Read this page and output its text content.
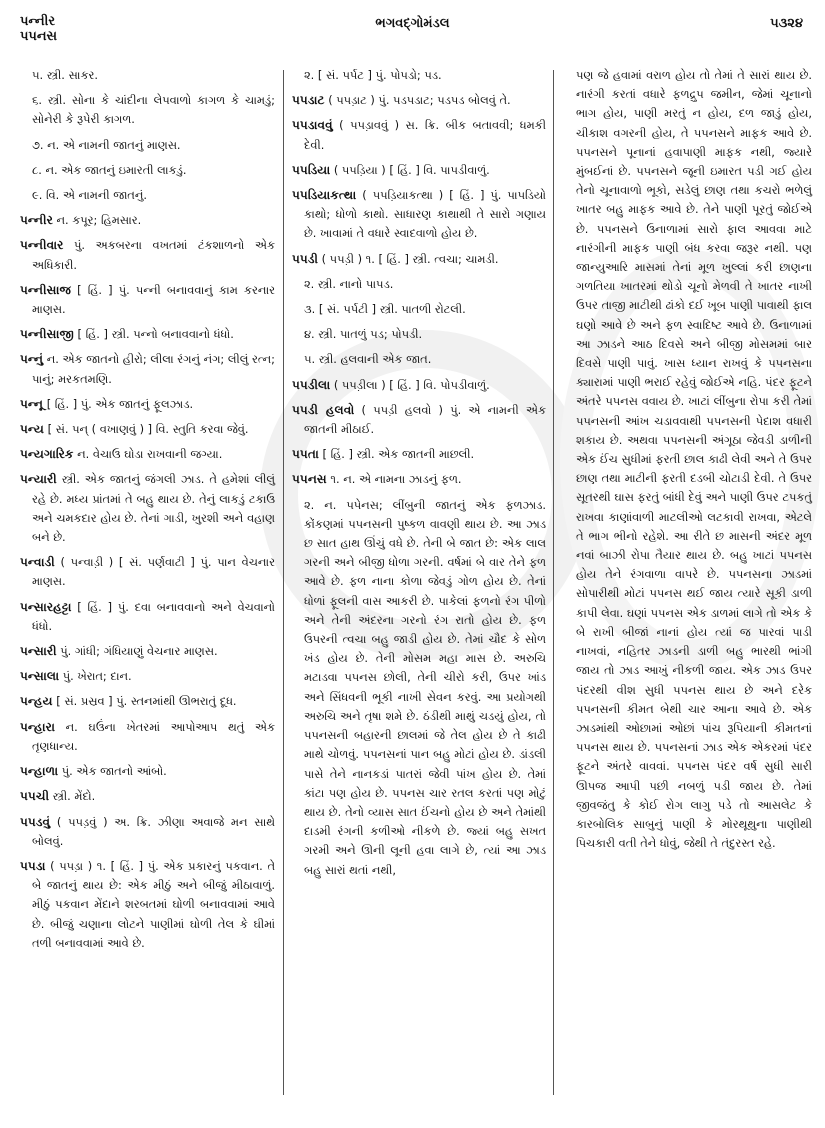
પન્નીર
પપનસ
ભગવદ્ગોમંડલ	૫૩૨૪

૫. સ્ત્રી. સાકર.

૬. સ્ત્રી. સોના કે ચાંદીના લેપવાળો કાગળ કે ચામડું; સોનેરી કે રૂપેરી કાગળ.

૭. ન. એ નામની જાતનું માણસ.

૮. ન. એક જાતનું ઇમારતી લાકડું.

૯. વિ. એ નામની જાતનું.

પન્નીર ન. કપૂર; હિમસાર.

પન્નીવાર પું. અકબરના વખતમાં ટંકશાળનો એક અધિકારી.

પન્નીસાજ [ હિં. ] પું. પન્ની બનાવવાનું કામ કરનાર માણસ.

પન્નીસાજી [ હિં. ] સ્ત્રી. પન્નો બનાવવાનો ધંધો.

પન્નું ન. એક જાતનો હીરો; લીલા રંગનું નંગ; લીલું રત્ન; પાનું; મરકતમણિ.

પન્નૂ [ હિં. ] પું. એક જાતનું ફૂલઝાડ.

પન્ય [ સં. પન્ ( વખાણવું ) ] વિ. સ્તુતિ કરવા જેવું.

પન્યગારિક ન. વેચાઉ ઘોડા રાખવાની જગ્યા.

પન્યારી સ્ત્રી. એક જાતનું જંગલી ઝાડ. તે હમેશાં લીલું રહે છે. મધ્ય પ્રાંતમાં તે બહુ થાય છે. તેનું લાકડું ટકાઉ અને ચમકદાર હોય છે. તેનાં ગાડી, ખુરશી અને વહાણ બને છે.

પન્વાડી ( પન્વાડ઼ી ) [ સં. પર્ણવાટી ] પું. પાન વેચનાર માણસ.

પન્સારહટ્ટા [ હિં. ] પું. દવા બનાવવાનો અને વેચવાનો ધંધો.

પન્સારી પું. ગાંધી; ગંધિયાણું વેચનાર માણસ.

પન્સાલા પું. ખેરાત; દાન.

પન્હય [ સં. પ્રસ્રવ ] પું. સ્તનમાંથી ઊભરાતું દૂધ.

પન્હારા ન. ઘઉંના ખેતરમાં આપોઆપ થતું એક તૃણધાન્ય.

પન્હાળા પું. એક જાતનો આંબો.

પપચી સ્ત્રી. મેંદો.

પપડવું ( પપડ઼વું ) અ. ક્રિ. ઝીણા અવાજે મન સાથે બોલવું.

પપડા ( પપડ઼ા ) ૧. [ હિં. ] પું. એક પ્રકારનું પકવાન. તે બે જાતનું થાય છે: એક મીઠું અને બીજું મીઠાવાળું. મીઠું પકવાન મેંદાને શરબતમાં ઘોળી બનાવવામાં આવે છે. બીજું ચણાના લોટને પાણીમાં ઘોળી તેલ કે ઘીમાં તળી બનાવવામાં આવે છે.

૨. [ સં. પર્પટ ] પું. પોપડો; પડ.

પપડાટ ( પપડ઼ાટ ) પું. પડપડાટ; પડપડ બોલવું તે.

પપડાવવું ( પપડ઼ાવવું ) સ. ક્રિ. બીક બતાવવી; ધમકી દેવી.

પપડિયા ( પપડ઼િયા ) [ હિં. ] વિ. પાપડીવાળું.

પપડિયાકત્થા ( પપડ઼િયાકત્થા ) [ હિં. ] પું. પાપડિયો કાથો; ધોળો કાથો. સાધારણ કાથાથી તે સારો ગણાય છે. ખાવામાં તે વધારે સ્વાદવાળો હોય છે.

પપડી ( પપડ઼ી ) ૧. [ હિં. ] સ્ત્રી. ત્વચા; ચામડી.

૨. સ્ત્રી. નાનો પાપડ.

૩. [ સં. પર્પટી ] સ્ત્રી. પાતળી રોટલી.

૪. સ્ત્રી. પાતળું પડ; પોપડી.

૫. સ્ત્રી. હલવાની એક જાત.

પપડીલા ( પપડ઼ીલા ) [ હિં. ] વિ. પોપડીવાળું.

પપડી હલવો ( પપડ઼ી હલવો ) પું. એ નામની એક જાતની મીઠાઈ.

પપતા [ હિં. ] સ્ત્રી. એક જાતની માછલી.

પપનસ ૧. ન. એ નામના ઝાડનું ફળ.

૨. ન. પપેનસ; લીંબુની જાતનું એક ફળઝાડ. કોંકણમાં પપનસની પુષ્કળ વાવણી થાય છે. આ ઝાડ છ સાત હાથ ઊંચું વધે છે. તેની બે જાત છે: એક લાલ ગરની અને બીજી ધોળા ગરની. વર્ષમાં બે વાર તેને ફળ આવે છે. ફળ નાના કોળા જેવડું ગોળ હોય છે. તેનાં ધોળાં ફૂલની વાસ આકરી છે. પાકેલાં ફળનો રંગ પીળો અને તેની અંદરના ગરનો રંગ રાતો હોય છે. ફળ ઉપરની ત્વચા બહુ જાડી હોય છે. તેમાં ચૌદ કે સોળ ખંડ હોય છે. તેની મોસમ મહા માસ છે. અરુચિ મટાડવા પપનસ છોલી, તેની ચીરો કરી, ઉપર ખાંડ અને સિંધવની ભૂકી નાખી સેવન કરવું. આ પ્રયોગથી અરુચિ અને તૃષા શમે છે. ઠંડીથી માથું ચડયું હોય, તો પપનસની બહારની છાલમાં જે તેલ હોય છે તે કાઢી માથે ચોળવું. પપનસનાં પાન બહુ મોટાં હોય છે. ડાંડલી પાસે તેને નાનકડાં પાતરાં જેવી પાંખ હોય છે. તેમાં કાંટા પણ હોય છે. પપનસ ચાર રતલ કરતાં પણ મોટું થાય છે. તેનો વ્યાસ સાત ઈંચનો હોય છે અને તેમાંથી દાડમી રંગની કળીઓ નીકળે છે. જ્યાં બહુ સખત ગરમી અને ઊની લૂની હવા લાગે છે, ત્યાં આ ઝાડ બહુ સારાં થતાં નથી,

પણ જે હવામાં વરાળ હોય તો તેમાં તે સારાં થાય છે. નારંગી કરતાં વધારે ફળદ્રુપ જમીન, જેમાં ચૂનાનો ભાગ હોય, પાણી મરતું ન હોય, દળ જાડું હોય, ચીકાશ વગરની હોય, તે પપનસને માફક આવે છે. પપનસને પૂનાનાં હવાપાણી માફક નથી, જ્યારે મુંબઈનાં છે. પપનસને જૂની ઇમારત પડી ગઈ હોય તેનો ચૂનાવાળો ભૂકો, સડેલું છાણ તથા કચરો ભળેલું ખાતર બહુ માફક આવે છે. તેને પાણી પૂરતું જોઈએ છે. પપનસને ઉનાળામાં સારો ફાલ આવવા માટે નારંગીની માફક પાણી બંધ કરવા જરૂર નથી. પણ જાન્યુઆરિ માસમાં તેનાં મૂળ ખુલ્લાં કરી છાણના ગળતિયા ખાતરમાં થોડો ચૂનો મેળવી તે ખાતર નાખી ઉપર તાજી માટીથી ઢાંકો દઈ ખૂબ પાણી પાવાથી ફાલ ઘણો આવે છે અને ફળ સ્વાદિષ્ટ આવે છે. ઉનાળામાં આ ઝાડને આઠ દિવસે અને બીજી મોસમમાં બાર દિવસે પાણી પાવું. ખાસ ધ્યાન રાખવું કે પપનસના ક્યારામાં પાણી ભરાઈ રહેવું જોઈએ નહિ. પંદર ફૂટને અંતરે પપનસ વવાય છે. ખાટાં લીંબુના રોપા કરી તેમાં પપનસની આંખ ચડાવવાથી પપનસની પેદાશ વધારી શકાય છે. અથવા પપનસની અંગૂઠા જેવડી ડાળીની એક ઈંચ સુધીમાં ફરતી છાલ કાઢી લેવી અને તે ઉપર છાણ તથા માટીની ફરતી દડબી ચોટાડી દેવી. તે ઉપર સૂતરથી ઘાસ ફરતું બાંધી દેવું અને પાણી ઉપર ટપકતું રાખવા કાણાંવાળી માટલીઓ લટકાવી રાખવા, એટલે તે ભાગ ભીનો રહેશે. આ રીતે છ માસની અંદર મૂળ નવાં બાઝી રોપા તૈયાર થાય છે. બહુ ખાટાં પપનસ હોય તેને રંગવાળા વાપરે છે. પપનસના ઝાડમાં સોપારીથી મોટાં પપનસ થઈ જાય ત્યારે સૂકી ડાળી કાપી લેવા. ઘણાં પપનસ એક ડાળમાં લાગે તો એક કે બે રાખી બીજાં નાનાં હોય ત્યાં જ પારવાં પાડી નાખવાં, નહિતર ઝાડની ડાળી બહુ ભારથી ભાંગી જાય તો ઝાડ આખું નીકળી જાય. એક ઝાડ ઉપર પંદરથી વીશ સુધી પપનસ થાય છે અને દરેક પપનસની કીમત બેથી ચાર આના આવે છે. એક ઝાડમાંથી ઓછામાં ઓછાં પાંચ રૂપિયાની કીમતનાં પપનસ થાય છે. પપનસનાં ઝાડ એક એકરમાં પંદર ફૂટને અંતરે વાવવાં. પપનસ પંદર વર્ષ સુધી સારી ઊપજ આપી પછી નબળું પડી જાય છે. તેમાં જીવજંતુ કે કોઈ રોગ લાગુ પડે તો આસલેટ કે કારબોલિક સાબુનું પાણી કે મોરથૂથુના પાણીથી પિચકારી વતી તેને ધોવું, જેથી તે તંદુરસ્ત રહે.
